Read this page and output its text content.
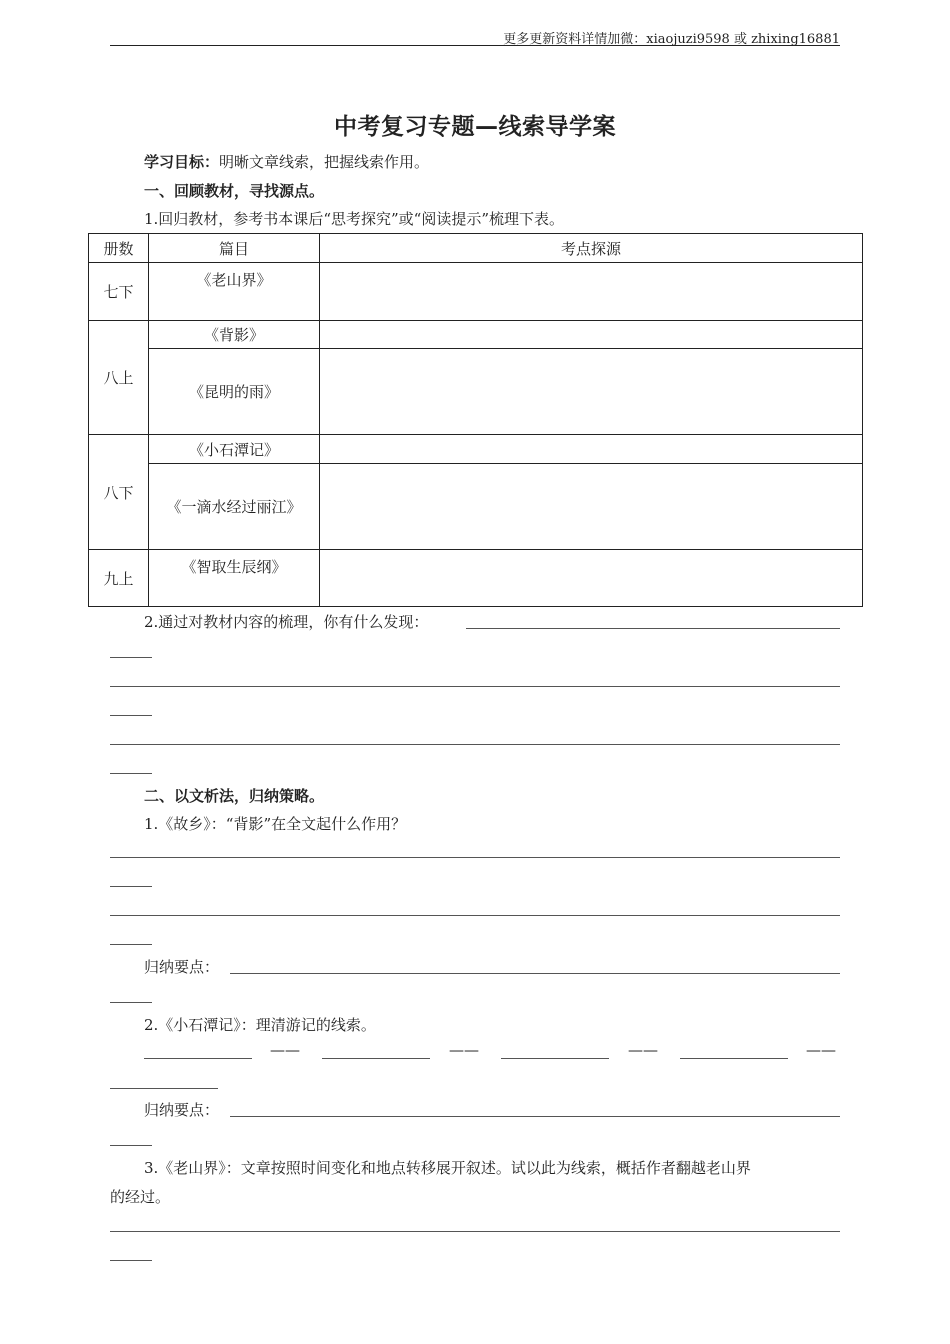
更多更新资料详情加微：xiaojuzi9598 或 zhixing16881
中考复习专题—线索导学案
学习目标：明晰文章线索，把握线索作用。
一、回顾教材，寻找源点。
1.回归教材，参考书本课后“思考探究”或“阅读提示”梳理下表。
册数	篇目	考点探源
七下	《老山界》	
八上	《背影》	
	《昆明的雨》	
八下	《小石潭记》	
	《一滴水经过丽江》	
九上	《智取生辰纲》	
2.通过对教材内容的梳理，你有什么发现：
二、以文析法，归纳策略。
1.《故乡》：“背影”在全文起什么作用？
归纳要点：
2.《小石潭记》：理清游记的线索。
——	——	——	——
归纳要点：
3.《老山界》：文章按照时间变化和地点转移展开叙述。试以此为线索，概括作者翻越老山界
的经过。
